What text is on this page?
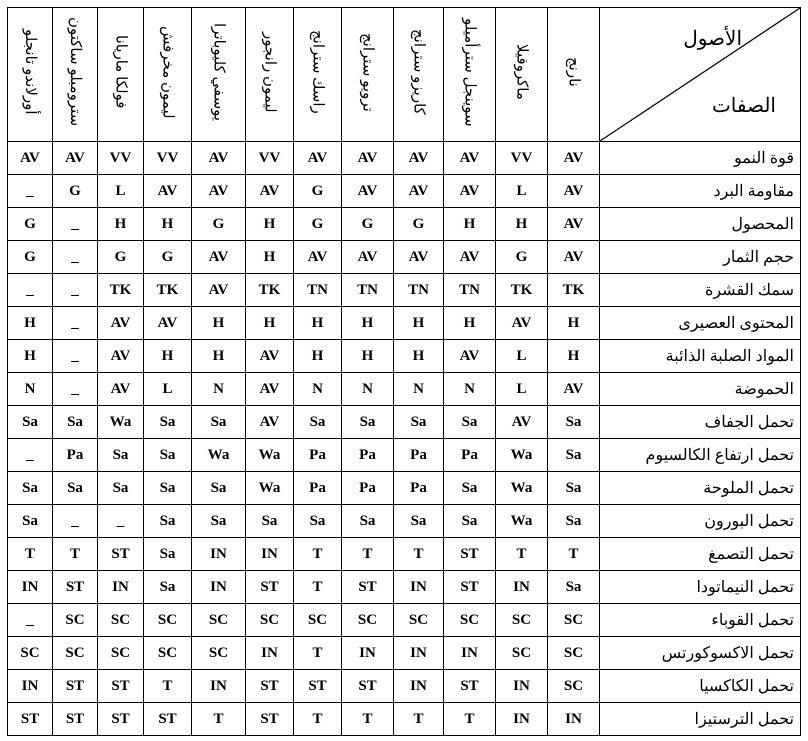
أورلاندو تانجلو	سترومبلو ساكتون	فولكا ماريانا	ليمون مخرفش	يوسفي كليوباترا	ليمون رانجور	راسك سترانج	ترويو سترانج	كاريزو سترانج	سوينجل سترأميلو	ماكروفيلا	نارنج	الأصول
الصفات

AV	AV	VV	VV	AV	VV	AV	AV	AV	AV	VV	AV	قوة النمو
_	G	L	AV	AV	AV	G	AV	AV	AV	L	AV	مقاومة البرد
G	_	H	H	G	H	G	G	G	H	H	AV	المحصول
G	_	G	G	AV	H	AV	AV	AV	AV	G	AV	حجم الثمار
_	_	TK	TK	AV	TK	TN	TN	TN	TN	TK	TK	سمك القشرة
H	_	AV	AV	H	H	H	H	H	H	AV	H	المحتوى العصيرى
H	_	AV	H	H	AV	H	H	H	AV	L	H	المواد الصلبة الذائبة
N	_	AV	L	N	AV	N	N	N	N	L	AV	الحموضة
Sa	Sa	Wa	Sa	Sa	AV	Sa	Sa	Sa	Sa	AV	Sa	تحمل الجفاف
_	Pa	Sa	Sa	Wa	Wa	Pa	Pa	Pa	Pa	Wa	Sa	تحمل ارتفاع الكالسيوم
Sa	Sa	Sa	Sa	Sa	Wa	Pa	Pa	Pa	Sa	Wa	Sa	تحمل الملوحة
Sa	_	_	Sa	Sa	Sa	Sa	Sa	Sa	Sa	Wa	Sa	تحمل البورون
T	T	ST	Sa	IN	IN	T	T	T	ST	T	T	تحمل التصمغ
IN	ST	IN	Sa	IN	ST	T	ST	IN	ST	IN	Sa	تحمل النيماتودا
_	SC	SC	SC	SC	SC	SC	SC	SC	SC	SC	SC	تحمل القوباء
SC	SC	SC	SC	SC	IN	T	IN	IN	IN	SC	SC	تحمل الاكسوكورتس
IN	ST	ST	T	IN	ST	ST	ST	IN	ST	IN	SC	تحمل الكاكسيا
ST	ST	ST	ST	T	ST	T	T	T	T	IN	IN	تحمل الترستيزا
